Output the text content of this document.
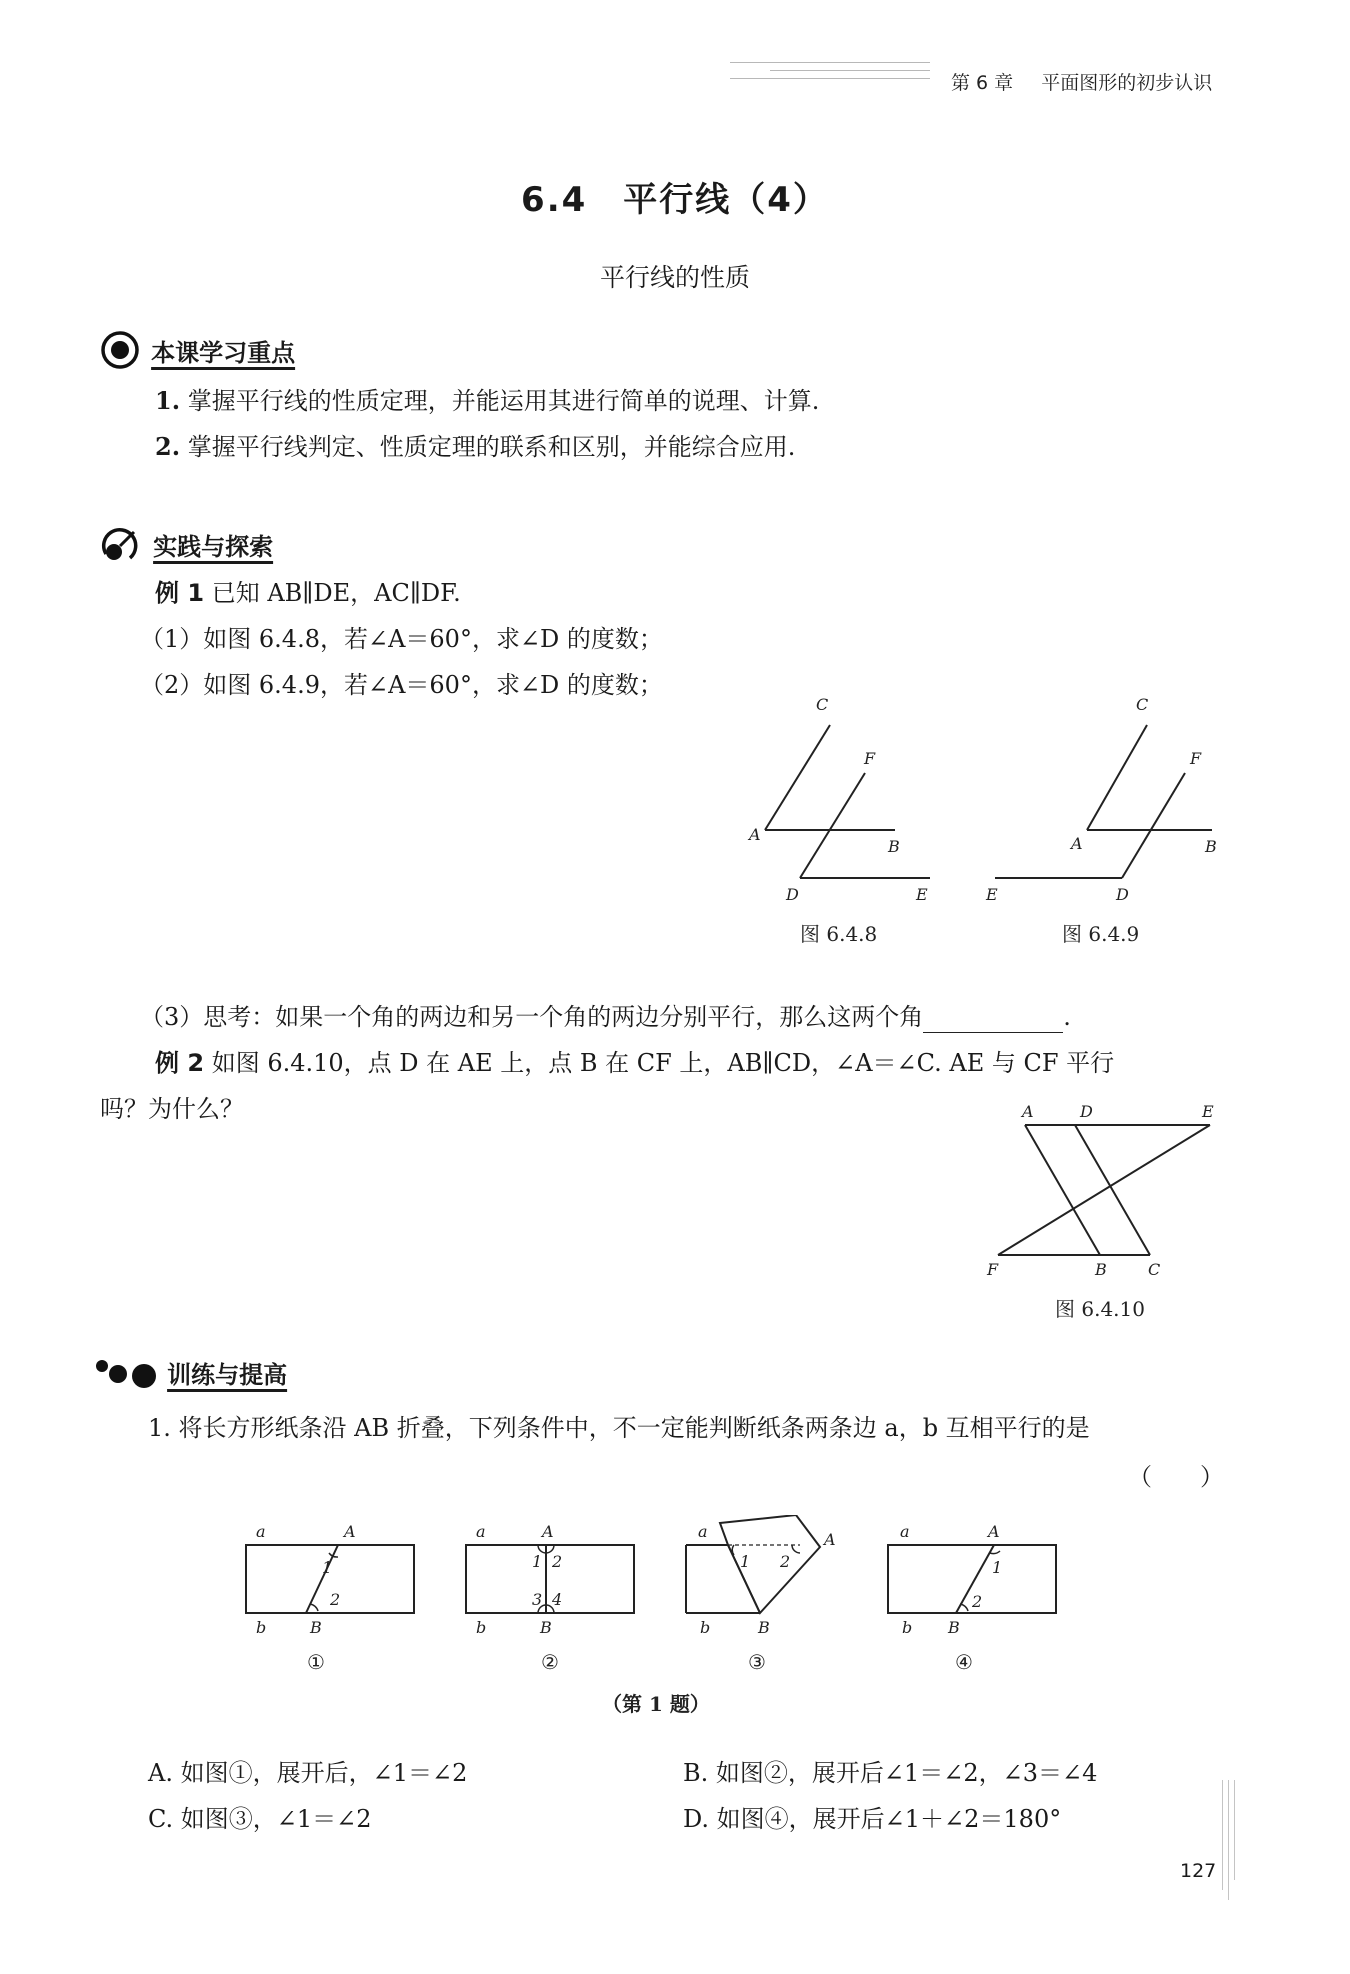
第 6 章 平面图形的初步认识
6.4　平行线（4）
平行线的性质
本课学习重点
1. 掌握平行线的性质定理，并能运用其进行简单的说理、计算.
2. 掌握平行线判定、性质定理的联系和区别，并能综合应用.
实践与探索
例 1 已知 AB∥DE，AC∥DF.
（1）如图 6.4.8，若∠A＝60°，求∠D 的度数；
（2）如图 6.4.9，若∠A＝60°，求∠D 的度数；
C
F
A
B
D	E
图 6.4.8
C
F
A	B
E	D
图 6.4.9
（3）思考：如果一个角的两边和另一个角的两边分别平行，那么这两个角	.
例 2 如图 6.4.10，点 D 在 AE 上，点 B 在 CF 上，AB∥CD，∠A＝∠C. AE 与 CF 平行
吗？为什么？	A	D	E
F	B	C
图 6.4.10
训练与提高
1. 将长方形纸条沿 AB 折叠，下列条件中，不一定能判断纸条两条边 a，b 互相平行的是
（　　）
a	A
1
2
b	B
a	A
1 2
3 4
b	B
a	A
1 2
b	B
a	A
1
2
b B
①	②	③	④
（第 1 题）
A. 如图①，展开后，∠1＝∠2	B. 如图②，展开后∠1＝∠2，∠3＝∠4
C. 如图③，∠1＝∠2	D. 如图④，展开后∠1＋∠2＝180°
127
